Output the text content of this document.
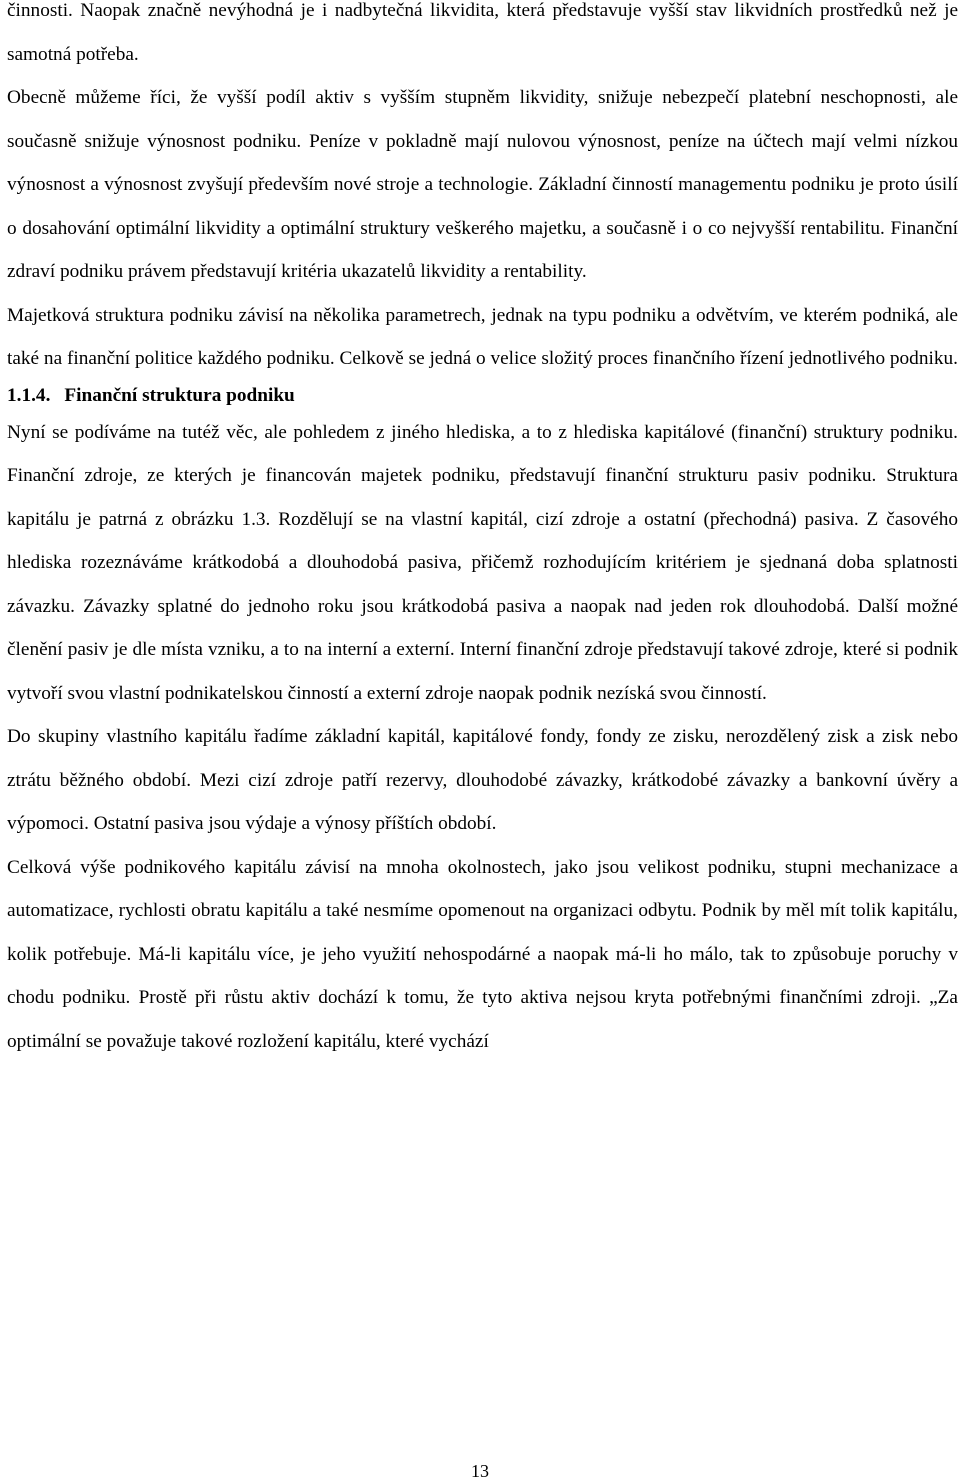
činnosti. Naopak značně nevýhodná je i nadbytečná likvidita, která představuje vyšší stav likvidních prostředků než je samotná potřeba.

Obecně můžeme říci, že vyšší podíl aktiv s vyšším stupněm likvidity, snižuje nebezpečí platební neschopnosti, ale současně snižuje výnosnost podniku. Peníze v pokladně mají nulovou výnosnost, peníze na účtech mají velmi nízkou výnosnost a výnosnost zvyšují především nové stroje a technologie. Základní činností managementu podniku je proto úsilí o dosahování optimální likvidity a optimální struktury veškerého majetku, a současně i o co nejvyšší rentabilitu. Finanční zdraví podniku právem představují kritéria ukazatelů likvidity a rentability.

Majetková struktura podniku závisí na několika parametrech, jednak na typu podniku a odvětvím, ve kterém podniká, ale také na finanční politice každého podniku. Celkově se jedná o velice složitý proces finančního řízení jednotlivého podniku.

1.1.4. Finanční struktura podniku

Nyní se podíváme na tutéž věc, ale pohledem z jiného hlediska, a to z hlediska kapitálové (finanční) struktury podniku. Finanční zdroje, ze kterých je financován majetek podniku, představují finanční strukturu pasiv podniku. Struktura kapitálu je patrná z obrázku 1.3. Rozdělují se na vlastní kapitál, cizí zdroje a ostatní (přechodná) pasiva. Z časového hlediska rozeznáváme krátkodobá a dlouhodobá pasiva, přičemž rozhodujícím kritériem je sjednaná doba splatnosti závazku. Závazky splatné do jednoho roku jsou krátkodobá pasiva a naopak nad jeden rok dlouhodobá. Další možné členění pasiv je dle místa vzniku, a to na interní a externí. Interní finanční zdroje představují takové zdroje, které si podnik vytvoří svou vlastní podnikatelskou činností a externí zdroje naopak podnik nezíská svou činností.

Do skupiny vlastního kapitálu řadíme základní kapitál, kapitálové fondy, fondy ze zisku, nerozdělený zisk a zisk nebo ztrátu běžného období. Mezi cizí zdroje patří rezervy, dlouhodobé závazky, krátkodobé závazky a bankovní úvěry a výpomoci. Ostatní pasiva jsou výdaje a výnosy příštích období.

Celková výše podnikového kapitálu závisí na mnoha okolnostech, jako jsou velikost podniku, stupni mechanizace a automatizace, rychlosti obratu kapitálu a také nesmíme opomenout na organizaci odbytu. Podnik by měl mít tolik kapitálu, kolik potřebuje. Má-li kapitálu více, je jeho využití nehospodárné a naopak má-li ho málo, tak to způsobuje poruchy v chodu podniku. Prostě při růstu aktiv dochází k tomu, že tyto aktiva nejsou kryta potřebnými finančními zdroji. „Za optimální se považuje takové rozložení kapitálu, které vychází

13
